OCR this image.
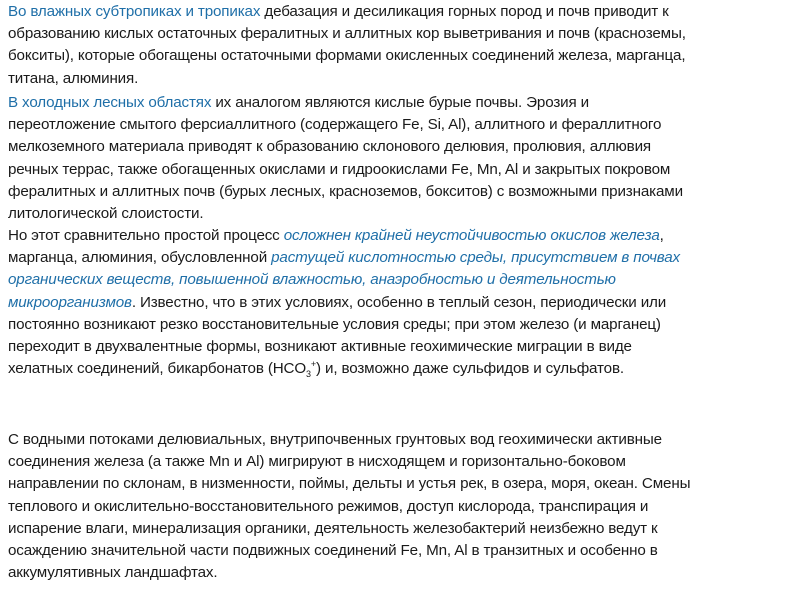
Во влажных субтропиках и тропиках дебазация и десиликация горных пород и почв приводит к
образованию кислых остаточных фералитных и аллитных кор выветривания и почв (красноземы,
бокситы), которые обогащены остаточными формами окисленных соединений железа, марганца,
титана, алюминия.

В холодных лесных областях их аналогом являются кислые бурые почвы. Эрозия и
переотложение смытого ферсиаллитного (содержащего Fe, Si, Al), аллитного и фераллитного
мелкоземного материала приводят к образованию склонового делювия, пролювия, аллювия
речных террас, также обогащенных окислами и гидроокислами Fe, Mn, Al и закрытых покровом
фералитных и аллитных почв (бурых лесных, красноземов, бокситов) с возможными признаками
литологической слоистости.

Но этот сравнительно простой процесс осложнен крайней неустойчивостью окислов железа,
марганца, алюминия, обусловленной растущей кислотностью среды, присутствием в почвах
органических веществ, повышенной влажностью, анаэробностью и деятельностью
микроорганизмов. Известно, что в этих условиях, особенно в теплый сезон, периодически или
постоянно возникают резко восстановительные условия среды; при этом железо (и марганец)
переходит в двухвалентные формы, возникают активные геохимические миграции в виде
хелатных соединений, бикарбонатов $(HCO_3^+)$ и, возможно даже сульфидов и сульфатов.

С водными потоками делювиальных, внутрипочвенных грунтовых вод геохимически активные
соединения железа (а также Mn и Al) мигрируют в нисходящем и горизонтально-боковом
направлении по склонам, в низменности, поймы, дельты и устья рек, в озера, моря, океан. Смены
теплового и окислительно-восстановительного режимов, доступ кислорода, транспирация и
испарение влаги, минерализация органики, деятельность железобактерий неизбежно ведут к
осаждению значительной части подвижных соединений Fe, Mn, Al в транзитных и особенно в
аккумулятивных ландшафтах.
